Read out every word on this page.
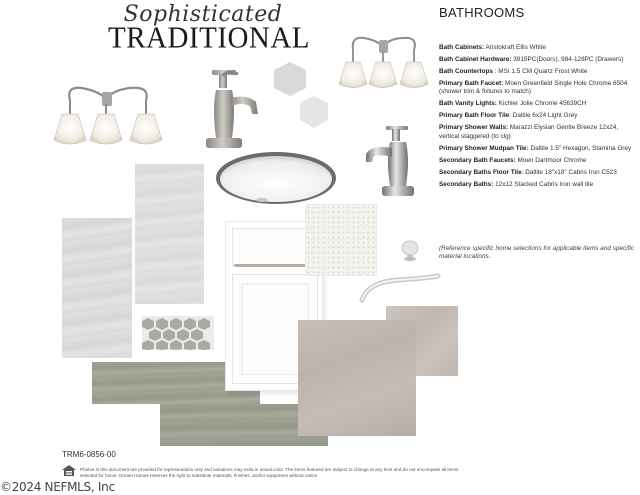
Sophisticated
TRADITIONAL
BATHROOMS
Bath Cabinets: Aristokraft Ellis White
Bath Cabinet Hardware: 3915PC(Doors), 984-128PC (Drawers)
Bath Countertops : MSI 1.5 CM Quartz Frost White
Primary Bath Faucet: Moen Greenfield Single Hole Chrome 6504 (shower trim & fixtures to match)
Bath Vanity Lights: Kichler Jolie Chrome 45639CH
Primary Bath Floor Tile: Daltile 6x24 Light Grey
Primary Shower Walls: Marazzi Elysian Gentle Breeze 12x24, vertical staggered (to clg)
Primary Shower Mudpan Tile: Daltile 1.5" Hexagon, Stamina Grey
Secondary Bath Faucets: Moen Dartmoor Chrome
Secondary Baths Floor Tile: Daltile 18"x18" Cabris Iron C523
Secondary Baths: 12x12 Stacked Cabris Iron wall tile
(Reference specific home selections for applicable items and specific material locations.
TRM6-0856-00
Photos in this document are provided for representation only and variations may exist in actual color. The items featured are subject to change at any time and do not encompass all items selected for home. Dream Homes reserves the right to substitute materials, finishes, and/or equipment without notice.
©2024 NEFMLS, Inc
